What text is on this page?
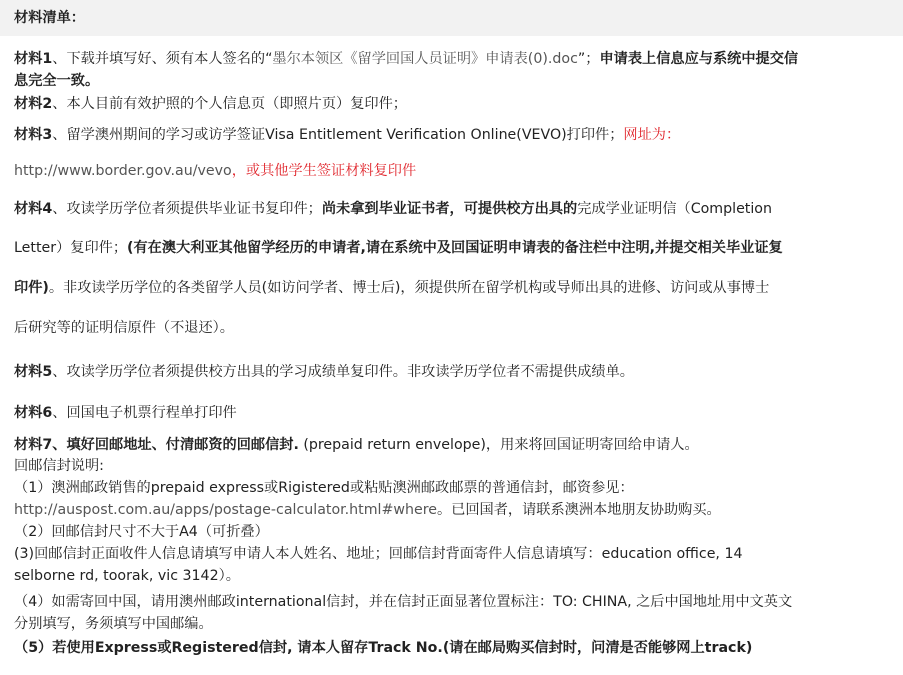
材料清单：
材料1、下载并填写好、须有本人签名的“墨尔本领区《留学回国人员证明》申请表(0).doc”；申请表上信息应与系统中提交信
息完全一致。
材料2、本人目前有效护照的个人信息页（即照片页）复印件；
材料3、留学澳州期间的学习或访学签证Visa Entitlement Verification Online(VEVO)打印件；网址为：
http://www.border.gov.au/vevo，或其他学生签证材料复印件
材料4、攻读学历学位者须提供毕业证书复印件；尚未拿到毕业证书者，可提供校方出具的完成学业证明信（Completion
Letter）复印件；(有在澳大利亚其他留学经历的申请者,请在系统中及回国证明申请表的备注栏中注明,并提交相关毕业证复
印件)。非攻读学历学位的各类留学人员(如访问学者、博士后)，须提供所在留学机构或导师出具的进修、访问或从事博士
后研究等的证明信原件（不退还）。
材料5、攻读学历学位者须提供校方出具的学习成绩单复印件。非攻读学历学位者不需提供成绩单。
材料6、回国电子机票行程单打印件
材料7、填好回邮地址、付清邮资的回邮信封. (prepaid return envelope)，用来将回国证明寄回给申请人。
回邮信封说明:
（1）澳洲邮政销售的prepaid express或Rigistered或粘贴澳洲邮政邮票的普通信封，邮资参见：
http://auspost.com.au/apps/postage-calculator.html#where。已回国者，请联系澳洲本地朋友协助购买。
（2）回邮信封尺寸不大于A4（可折叠）
(3)回邮信封正面收件人信息请填写申请人本人姓名、地址；回邮信封背面寄件人信息请填写：education office, 14
selborne rd, toorak, vic 3142）。
（4）如需寄回中国，请用澳州邮政international信封，并在信封正面显著位置标注：TO: CHINA, 之后中国地址用中文英文
分别填写，务须填写中国邮编。
（5）若使用Express或Registered信封, 请本人留存Track No.(请在邮局购买信封时，问清是否能够网上track)
